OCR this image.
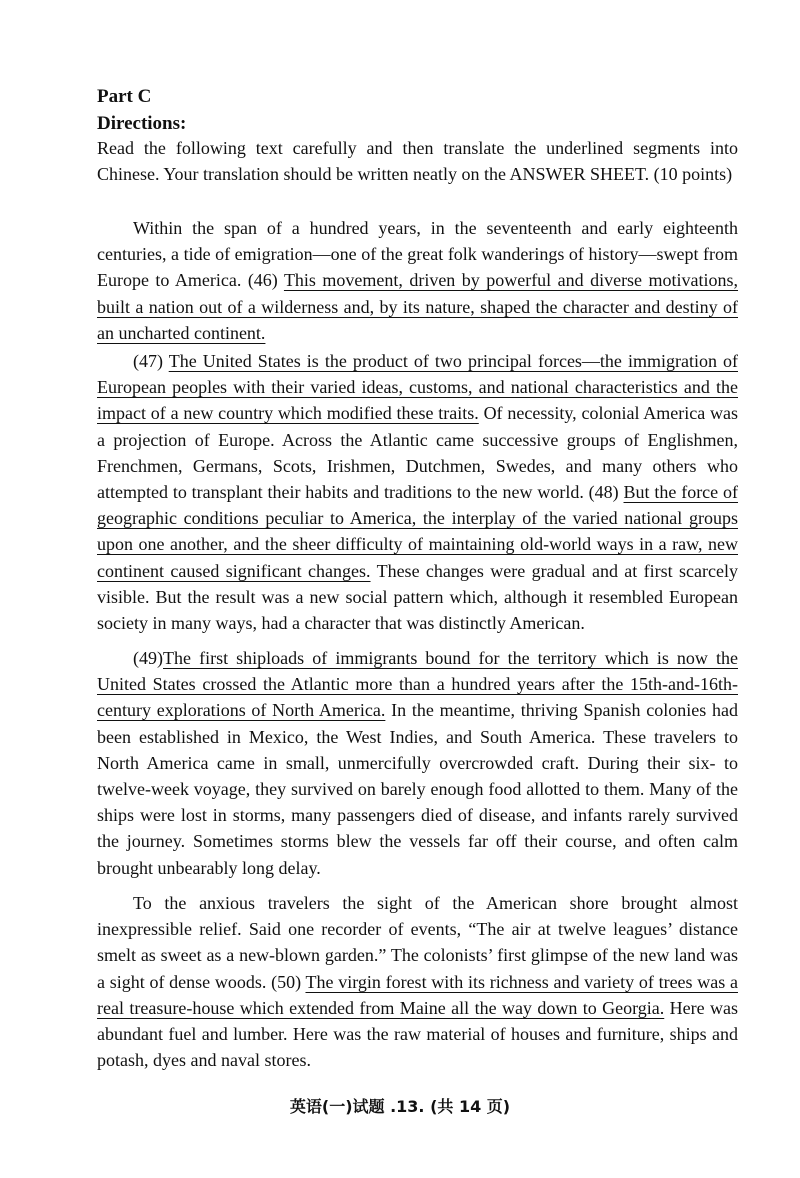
Part C
Directions:
Read the following text carefully and then translate the underlined segments into Chinese. Your translation should be written neatly on the ANSWER SHEET. (10 points)

Within the span of a hundred years, in the seventeenth and early eighteenth centuries, a tide of emigration—one of the great folk wanderings of history—swept from Europe to America. (46) This movement, driven by powerful and diverse motivations, built a nation out of a wilderness and, by its nature, shaped the character and destiny of an uncharted continent.

(47) The United States is the product of two principal forces—the immigration of European peoples with their varied ideas, customs, and national characteristics and the impact of a new country which modified these traits. Of necessity, colonial America was a projection of Europe. Across the Atlantic came successive groups of Englishmen, Frenchmen, Germans, Scots, Irishmen, Dutchmen, Swedes, and many others who attempted to transplant their habits and traditions to the new world. (48) But the force of geographic conditions peculiar to America, the interplay of the varied national groups upon one another, and the sheer difficulty of maintaining old-world ways in a raw, new continent caused significant changes. These changes were gradual and at first scarcely visible. But the result was a new social pattern which, although it resembled European society in many ways, had a character that was distinctly American.

(49)The first shiploads of immigrants bound for the territory which is now the United States crossed the Atlantic more than a hundred years after the 15th-and-16th-century explorations of North America. In the meantime, thriving Spanish colonies had been established in Mexico, the West Indies, and South America. These travelers to North America came in small, unmercifully overcrowded craft. During their six- to twelve-week voyage, they survived on barely enough food allotted to them. Many of the ships were lost in storms, many passengers died of disease, and infants rarely survived the journey. Sometimes storms blew the vessels far off their course, and often calm brought unbearably long delay.

To the anxious travelers the sight of the American shore brought almost inexpressible relief. Said one recorder of events, “The air at twelve leagues’ distance smelt as sweet as a new-blown garden.” The colonists’ first glimpse of the new land was a sight of dense woods. (50) The virgin forest with its richness and variety of trees was a real treasure-house which extended from Maine all the way down to Georgia. Here was abundant fuel and lumber. Here was the raw material of houses and furniture, ships and potash, dyes and naval stores.

英语(一)试题 .13. (共 14 页)
